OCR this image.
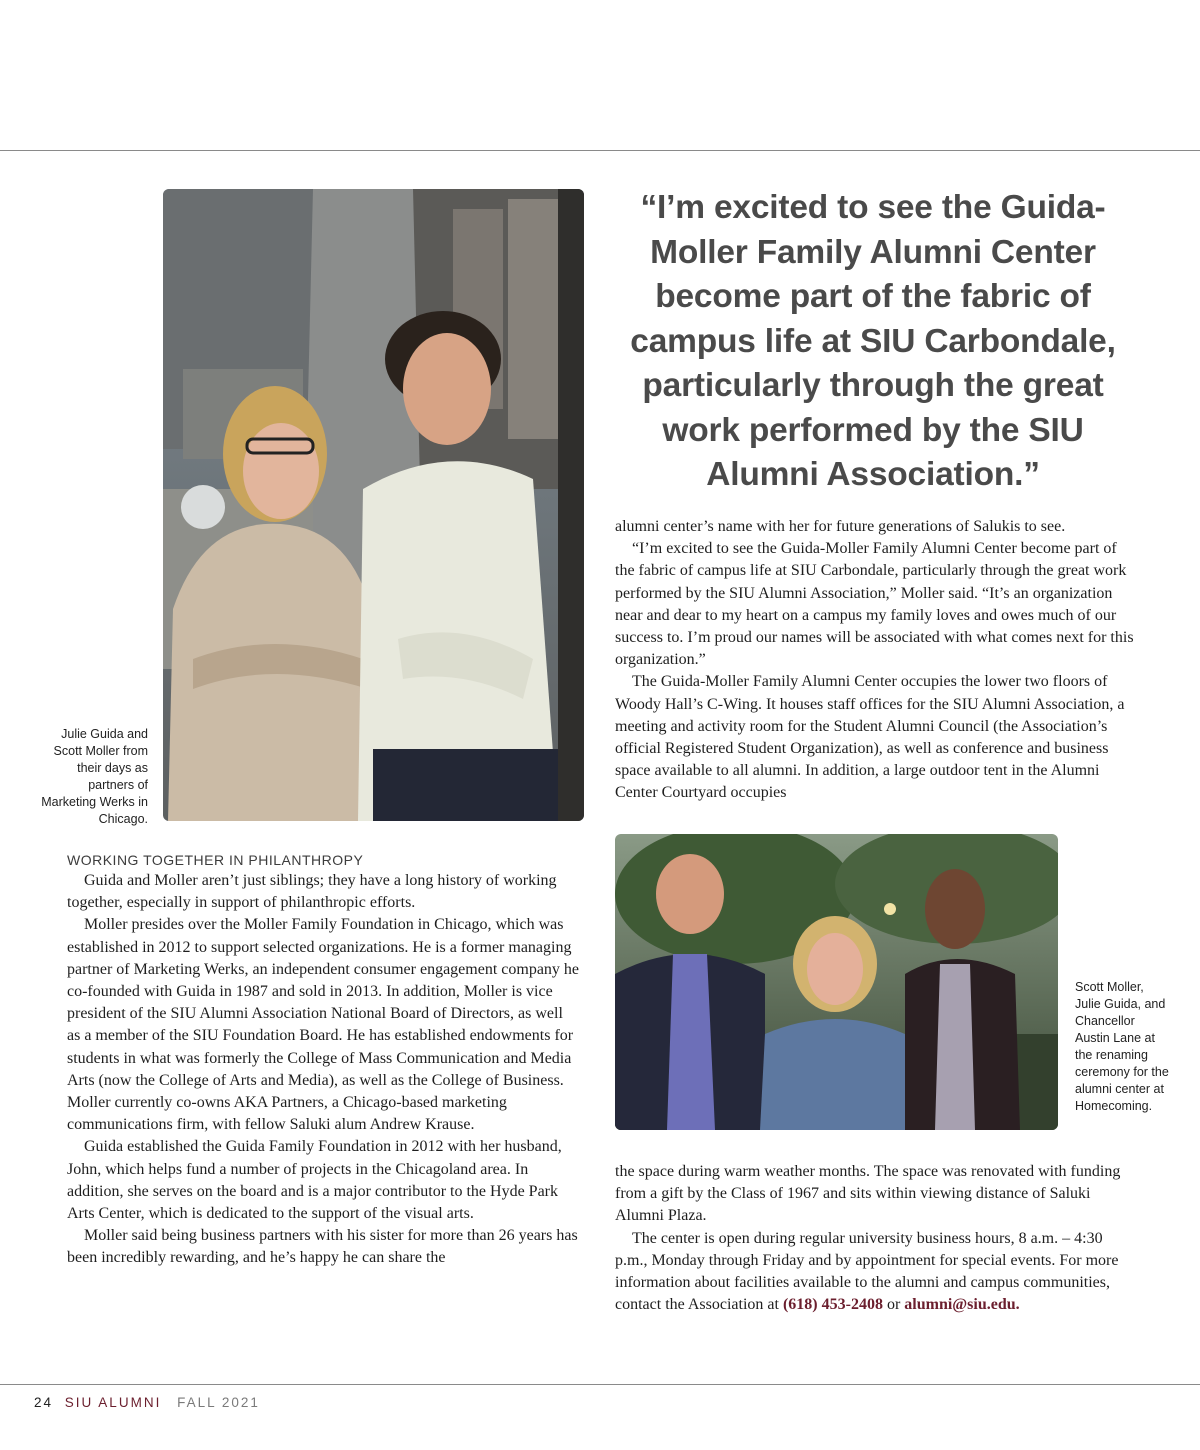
Julie Guida and Scott Moller from their days as partners of Marketing Werks in Chicago.
“I’m excited to see the Guida-Moller Family Alumni Center become part of the fabric of campus life at SIU Carbondale, particularly through the great work performed by the SIU Alumni Association.”

alumni center’s name with her for future generations of Salukis to see.

“I’m excited to see the Guida-Moller Family Alumni Center become part of the fabric of campus life at SIU Carbondale, particularly through the great work performed by the SIU Alumni Association,” Moller said. “It’s an organization near and dear to my heart on a campus my family loves and owes much of our success to. I’m proud our names will be associated with what comes next for this organization.”

The Guida-Moller Family Alumni Center occupies the lower two floors of Woody Hall’s C-Wing. It houses staff offices for the SIU Alumni Association, a meeting and activity room for the Student Alumni Council (the Association’s official Registered Student Organization), as well as conference and business space available to all alumni. In addition, a large outdoor tent in the Alumni Center Courtyard occupies

Scott Moller, Julie Guida, and Chancellor Austin Lane at the renaming ceremony for the alumni center at Homecoming.
WORKING TOGETHER IN PHILANTHROPY

Guida and Moller aren’t just siblings; they have a long history of working together, especially in support of philanthropic efforts.

Moller presides over the Moller Family Foundation in Chicago, which was established in 2012 to support selected organizations. He is a former managing partner of Marketing Werks, an independent consumer engagement company he co-founded with Guida in 1987 and sold in 2013. In addition, Moller is vice president of the SIU Alumni Association National Board of Directors, as well as a member of the SIU Foundation Board. He has established endowments for students in what was formerly the College of Mass Communication and Media Arts (now the College of Arts and Media), as well as the College of Business. Moller currently co-owns AKA Partners, a Chicago-based marketing communications firm, with fellow Saluki alum Andrew Krause.

Guida established the Guida Family Foundation in 2012 with her husband, John, which helps fund a number of projects in the Chicagoland area. In addition, she serves on the board and is a major contributor to the Hyde Park Arts Center, which is dedicated to the support of the visual arts.

Moller said being business partners with his sister for more than 26 years has been incredibly rewarding, and he’s happy he can share the

the space during warm weather months. The space was renovated with funding from a gift by the Class of 1967 and sits within viewing distance of Saluki Alumni Plaza.

The center is open during regular university business hours, 8 a.m. – 4:30 p.m., Monday through Friday and by appointment for special events. For more information about facilities available to the alumni and campus communities, contact the Association at (618) 453-2408 or alumni@siu.edu.

24 SIU ALUMNI FALL 2021
